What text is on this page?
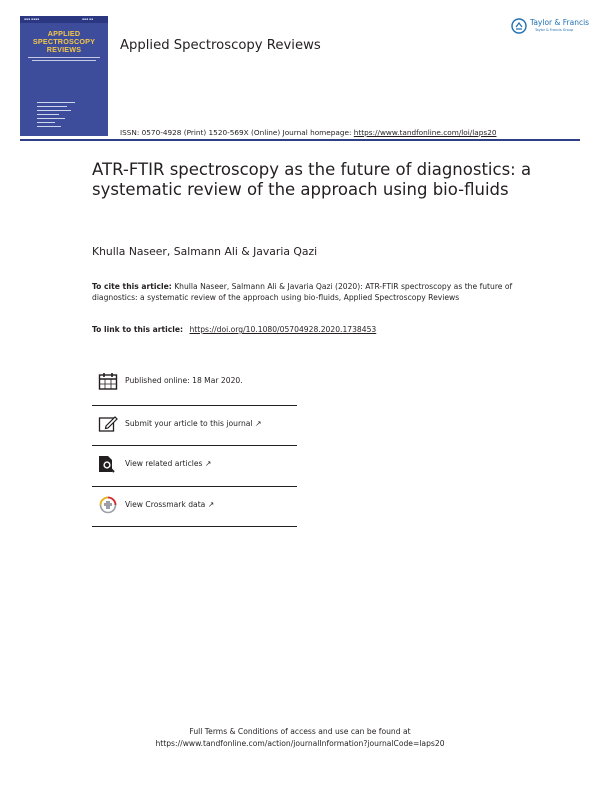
▪▪▪ ▪▪▪▪	▪▪▪ ▪▪
APPLIED
SPECTROSCOPY
REVIEWS	Applied Spectroscopy Reviews
Taylor & Francis
Taylor & Francis Group
ISSN: 0570-4928 (Print) 1520-569X (Online) Journal homepage: https://www.tandfonline.com/loi/laps20
ATR-FTIR spectroscopy as the future of diagnostics: a systematic review of the approach using bio-fluids
Khulla Naseer, Salmann Ali & Javaria Qazi
To cite this article: Khulla Naseer, Salmann Ali & Javaria Qazi (2020): ATR-FTIR spectroscopy as the future of diagnostics: a systematic review of the approach using bio-fluids, Applied Spectroscopy Reviews
To link to this article: https://doi.org/10.1080/05704928.2020.1738453
Published online: 18 Mar 2020.
Submit your article to this journal ↗
View related articles ↗
View Crossmark data ↗
Full Terms & Conditions of access and use can be found at
https://www.tandfonline.com/action/journalInformation?journalCode=laps20
